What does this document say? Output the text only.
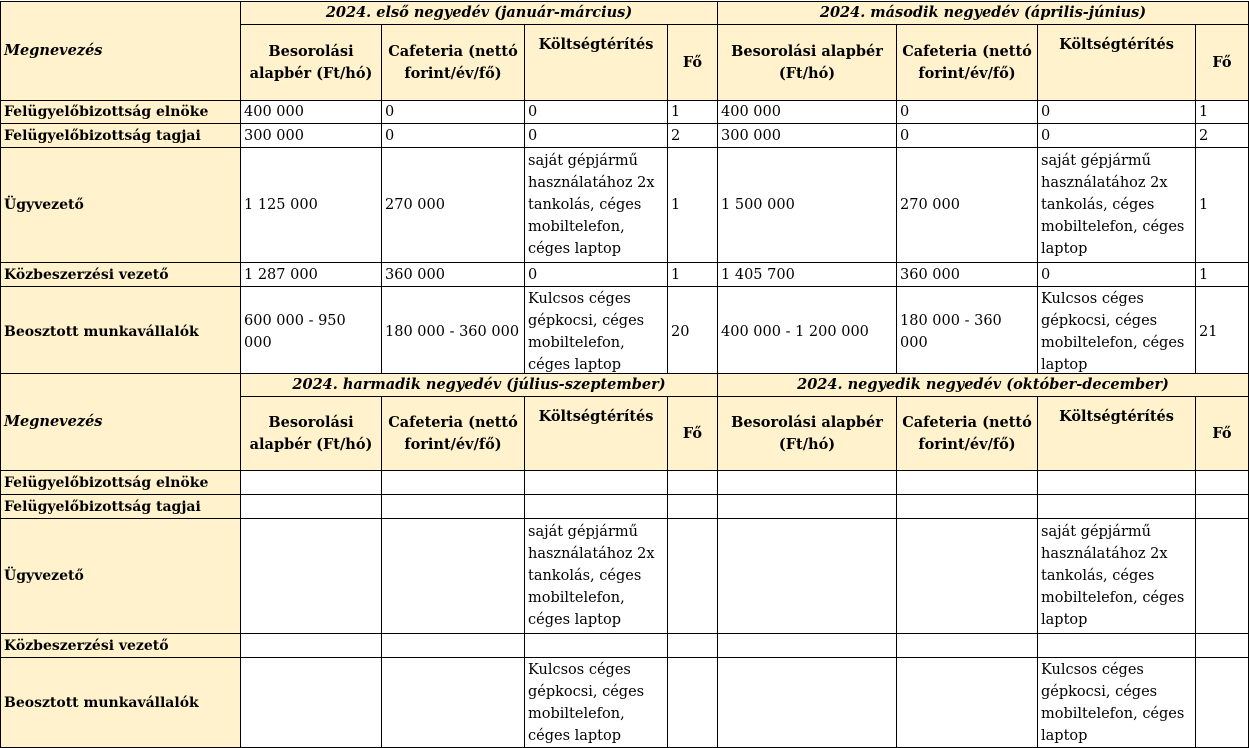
Megnevezés	2024. első negyedév (január-március)				2024. második negyedév (április-június)			
	Besorolási alapbér (Ft/hó)	Cafeteria (nettó forint/év/fő)	Költségtérítés	Fő	Besorolási alapbér (Ft/hó)	Cafeteria (nettó forint/év/fő)	Költségtérítés	Fő
Felügyelőbizottság elnöke	400 000	0	0	1	400 000	0	0	1
Felügyelőbizottság tagjai	300 000	0	0	2	300 000	0	0	2
Ügyvezető	1 125 000	270 000	saját gépjármű használatához 2x tankolás, céges mobiltelefon, céges laptop	1	1 500 000	270 000	saját gépjármű használatához 2x tankolás, céges mobiltelefon, céges laptop	1
Közbeszerzési vezető	1 287 000	360 000	0	1	1 405 700	360 000	0	1
Beosztott munkavállalók	600 000 - 950 000	180 000 - 360 000	Kulcsos céges gépkocsi, céges mobiltelefon, céges laptop	20	400 000 - 1 200 000	180 000 - 360 000	Kulcsos céges gépkocsi, céges mobiltelefon, céges laptop	21
Megnevezés	2024. harmadik negyedév (július-szeptember)				2024. negyedik negyedév (október-december)			
	Besorolási alapbér (Ft/hó)	Cafeteria (nettó forint/év/fő)	Költségtérítés	Fő	Besorolási alapbér (Ft/hó)	Cafeteria (nettó forint/év/fő)	Költségtérítés	Fő
Felügyelőbizottság elnöke								
Felügyelőbizottság tagjai								
Ügyvezető			saját gépjármű használatához 2x tankolás, céges mobiltelefon, céges laptop				saját gépjármű használatához 2x tankolás, céges mobiltelefon, céges laptop	
Közbeszerzési vezető								
Beosztott munkavállalók			Kulcsos céges gépkocsi, céges mobiltelefon, céges laptop				Kulcsos céges gépkocsi, céges mobiltelefon, céges laptop	
